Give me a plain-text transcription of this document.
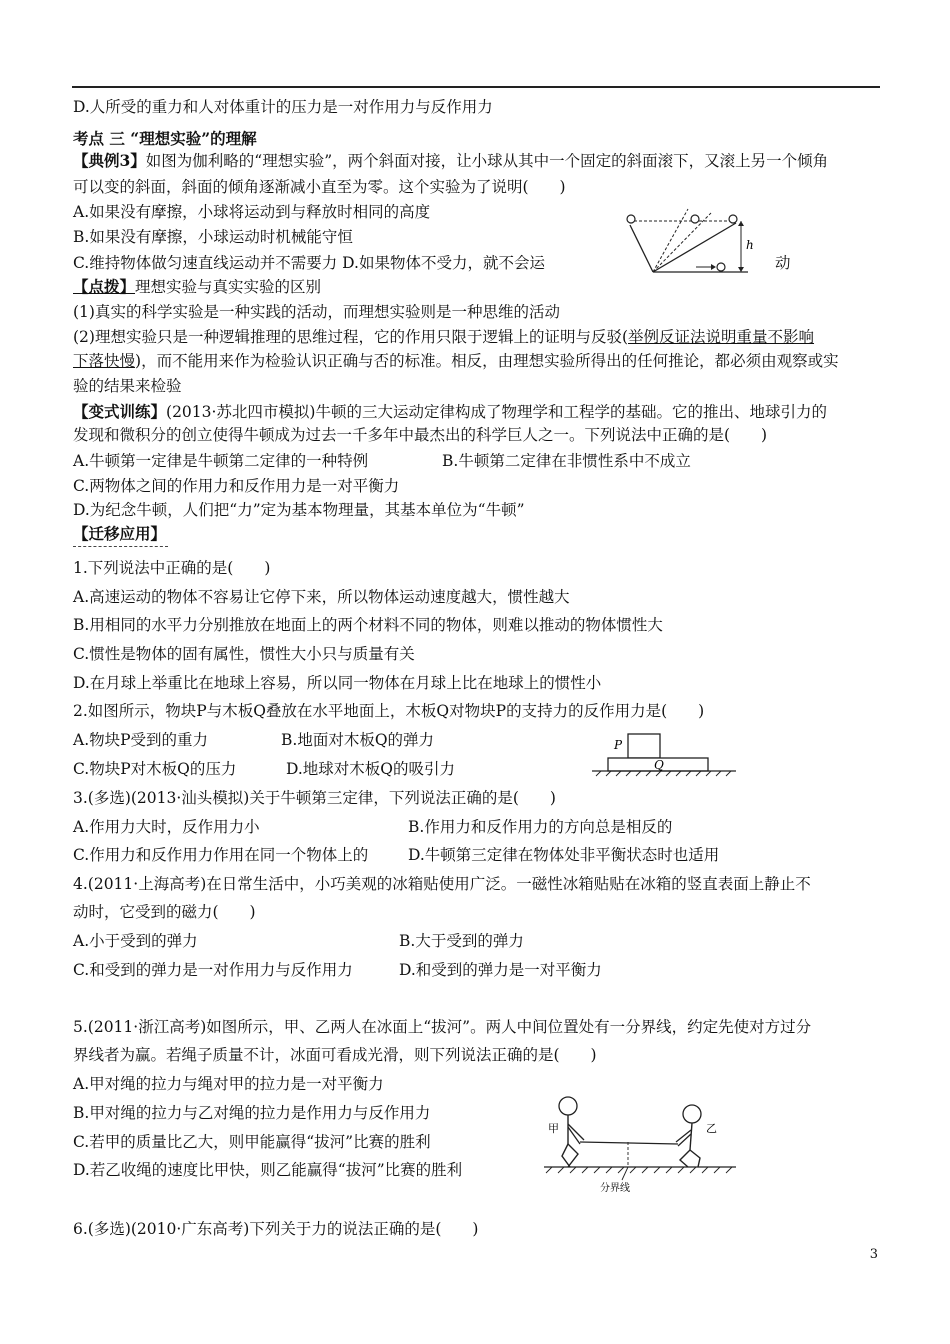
D.人所受的重力和人对体重计的压力是一对作用力与反作用力
考点 三 “理想实验”的理解
【典例3】如图为伽利略的“理想实验”，两个斜面对接，让小球从其中一个固定的斜面滚下，又滚上另一个倾角
可以变的斜面，斜面的倾角逐渐减小直至为零。这个实验为了说明(　　)
A.如果没有摩擦，小球将运动到与释放时相同的高度
B.如果没有摩擦，小球运动时机械能守恒
C.维持物体做匀速直线运动并不需要力 D.如果物体不受力，就不会运	动
h
【点拨】理想实验与真实实验的区别
(1)真实的科学实验是一种实践的活动，而理想实验则是一种思维的活动
(2)理想实验只是一种逻辑推理的思维过程，它的作用只限于逻辑上的证明与反驳(举例反证法说明重量不影响
下落快慢)，而不能用来作为检验认识正确与否的标准。相反，由理想实验所得出的任何推论，都必须由观察或实
验的结果来检验
【变式训练】(2013·苏北四市模拟)牛顿的三大运动定律构成了物理学和工程学的基础。它的推出、地球引力的
发现和微积分的创立使得牛顿成为过去一千多年中最杰出的科学巨人之一。下列说法中正确的是(　　)
A.牛顿第一定律是牛顿第二定律的一种特例	B.牛顿第二定律在非惯性系中不成立
C.两物体之间的作用力和反作用力是一对平衡力
D.为纪念牛顿，人们把“力”定为基本物理量，其基本单位为“牛顿”
【迁移应用】
1.下列说法中正确的是(　　)
A.高速运动的物体不容易让它停下来，所以物体运动速度越大，惯性越大
B.用相同的水平力分别推放在地面上的两个材料不同的物体，则难以推动的物体惯性大
C.惯性是物体的固有属性，惯性大小只与质量有关
D.在月球上举重比在地球上容易，所以同一物体在月球上比在地球上的惯性小
2.如图所示，物块P与木板Q叠放在水平地面上，木板Q对物块P的支持力的反作用力是(　　)
A.物块P受到的重力	B.地面对木板Q的弹力
C.物块P对木板Q的压力	D.地球对木板Q的吸引力
P
Q
3.(多选)(2013·汕头模拟)关于牛顿第三定律，下列说法正确的是(　　)
A.作用力大时，反作用力小	B.作用力和反作用力的方向总是相反的
C.作用力和反作用力作用在同一个物体上的	D.牛顿第三定律在物体处非平衡状态时也适用
4.(2011·上海高考)在日常生活中，小巧美观的冰箱贴使用广泛。一磁性冰箱贴贴在冰箱的竖直表面上静止不
动时，它受到的磁力(　　)
A.小于受到的弹力	B.大于受到的弹力
C.和受到的弹力是一对作用力与反作用力	D.和受到的弹力是一对平衡力
5.(2011·浙江高考)如图所示，甲、乙两人在冰面上“拔河”。两人中间位置处有一分界线，约定先使对方过分
界线者为赢。若绳子质量不计，冰面可看成光滑，则下列说法正确的是(　　)
A.甲对绳的拉力与绳对甲的拉力是一对平衡力
B.甲对绳的拉力与乙对绳的拉力是作用力与反作用力
C.若甲的质量比乙大，则甲能赢得“拔河”比赛的胜利
D.若乙收绳的速度比甲快，则乙能赢得“拔河”比赛的胜利
甲	乙
分界线
6.(多选)(2010·广东高考)下列关于力的说法正确的是(　　)
3
